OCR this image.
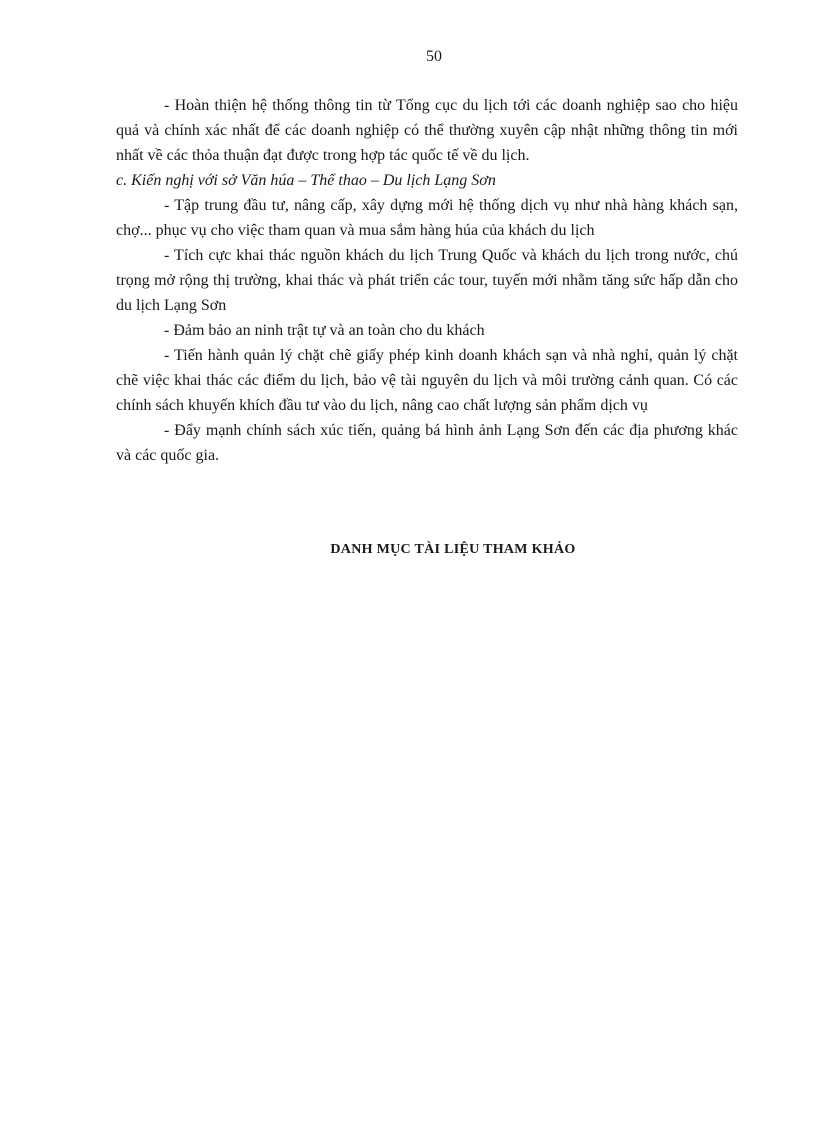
50

- Hoàn thiện hệ thống thông tin từ Tổng cục du lịch tới các doanh nghiệp sao cho hiệu quả và chính xác nhất để các doanh nghiệp có thể thường xuyên cập nhật những thông tin mới nhất về các thỏa thuận đạt được trong hợp tác quốc tế về du lịch.

c. Kiến nghị với sở Văn húa – Thể thao – Du lịch Lạng Sơn

- Tập trung đầu tư, nâng cấp, xây dựng mới hệ thống dịch vụ như nhà hàng khách sạn, chợ... phục vụ cho việc tham quan và mua sắm hàng húa của khách du lịch

- Tích cực khai thác nguồn khách du lịch Trung Quốc và khách du lịch trong nước, chú trọng mở rộng thị trường, khai thác và phát triển các tour, tuyến mới nhằm tăng sức hấp dẫn cho du lịch Lạng Sơn

- Đảm bảo an ninh trật tự và an toàn cho du khách

- Tiến hành quản lý chặt chẽ giấy phép kinh doanh khách sạn và nhà nghỉ, quản lý chặt chẽ việc khai thác các điểm du lịch, bảo vệ tài nguyên du lịch và môi trường cảnh quan. Có các chính sách khuyến khích đầu tư vào du lịch, nâng cao chất lượng sản phẩm dịch vụ

- Đẩy mạnh chính sách xúc tiến, quảng bá hình ảnh Lạng Sơn đến các địa phương khác và các quốc gia.

DANH MỤC TÀI LIỆU THAM KHẢO
